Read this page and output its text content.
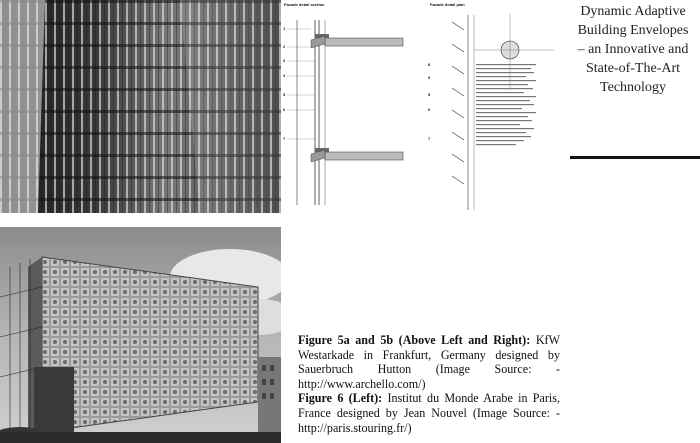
Dynamic Adaptive
Building Envelopes
– an Innovative and
State-of-The-Art
Technology
Facade detail section
1
2
3
4
5
6
7
Facade detail plan
8
9
5
6
7

Figure 5a and 5b (Above Left and Right): KfW Westarkade in Frankfurt, Germany designed by Sauerbruch Hutton (Image Source: - http://www.archello.com/)

Figure 6 (Left): Institut du Monde Arabe in Paris, France designed by Jean Nouvel (Image Source: - http://paris.stouring.fr/)
